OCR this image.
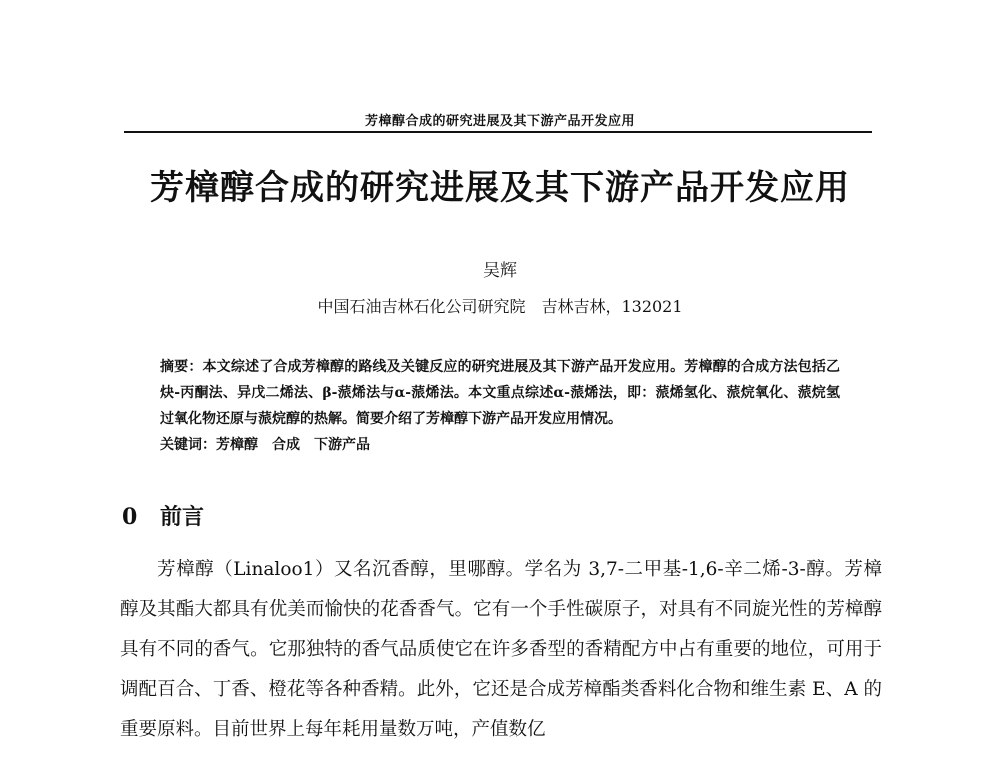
芳樟醇合成的研究进展及其下游产品开发应用
芳樟醇合成的研究进展及其下游产品开发应用
吴辉
中国石油吉林石化公司研究院　吉林吉林，132021
摘要：本文综述了合成芳樟醇的路线及关键反应的研究进展及其下游产品开发应用。芳樟醇的合成方法包括乙炔-丙酮法、异戊二烯法、β-蒎烯法与α-蒎烯法。本文重点综述α-蒎烯法，即：蒎烯氢化、蒎烷氧化、蒎烷氢过氧化物还原与蒎烷醇的热解。简要介绍了芳樟醇下游产品开发应用情况。
关键词：芳樟醇　合成　下游产品
0 前言
芳樟醇（Linaloo1）又名沉香醇，里哪醇。学名为 3,7-二甲基-1,6-辛二烯-3-醇。芳樟醇及其酯大都具有优美而愉快的花香香气。它有一个手性碳原子，对具有不同旋光性的芳樟醇具有不同的香气。它那独特的香气品质使它在许多香型的香精配方中占有重要的地位，可用于调配百合、丁香、橙花等各种香精。此外，它还是合成芳樟酯类香料化合物和维生素 E、A 的重要原料。目前世界上每年耗用量数万吨，产值数亿
